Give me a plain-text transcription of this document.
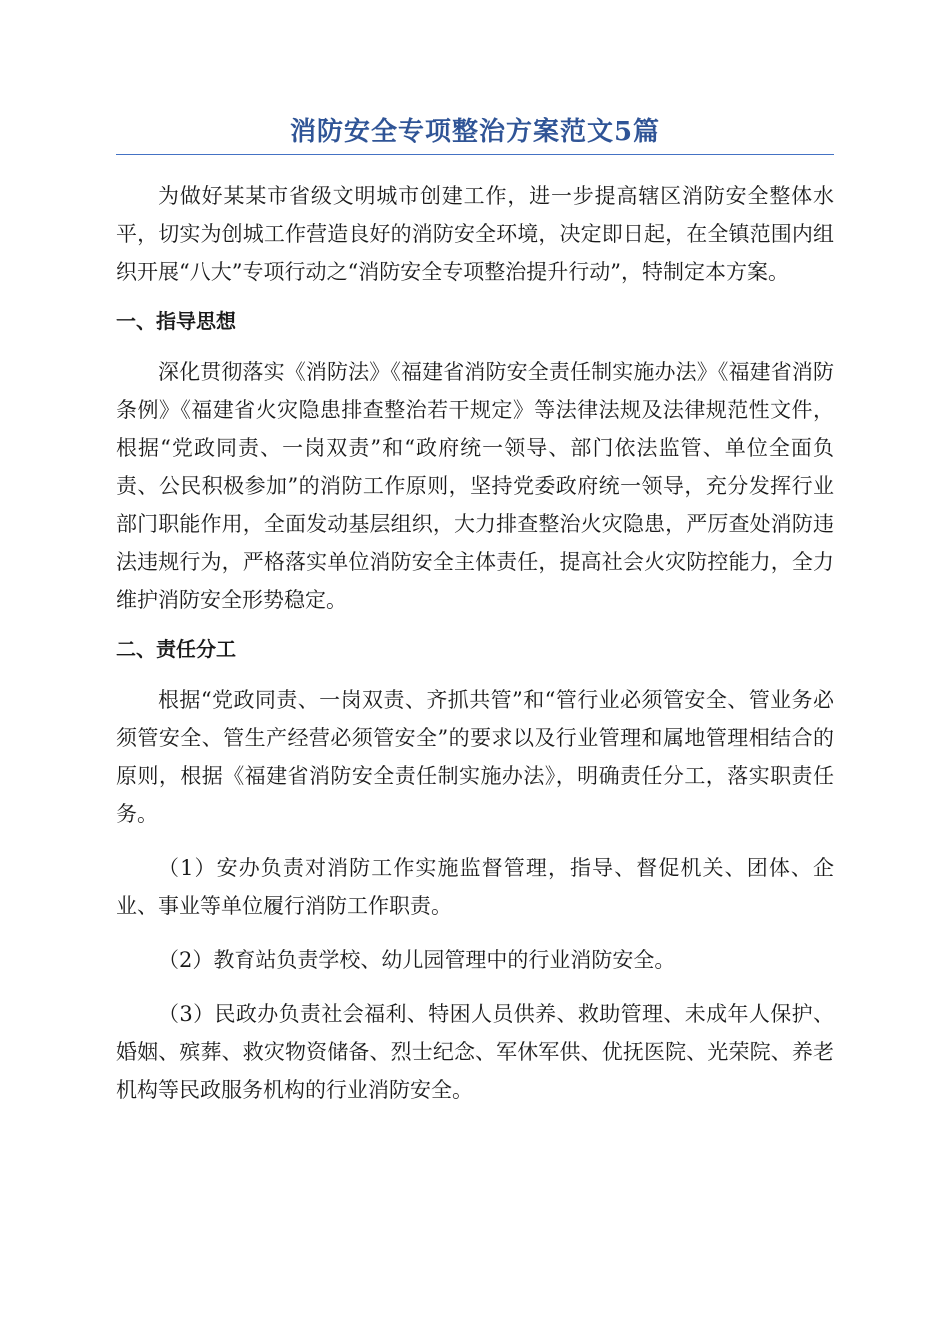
消防安全专项整治方案范文5篇

为做好某某市省级文明城市创建工作，进一步提高辖区消防安全整体水平，切实为创城工作营造良好的消防安全环境，决定即日起，在全镇范围内组织开展“八大”专项行动之“消防安全专项整治提升行动”，特制定本方案。

一、指导思想

深化贯彻落实《消防法》《福建省消防安全责任制实施办法》《福建省消防条例》《福建省火灾隐患排查整治若干规定》等法律法规及法律规范性文件，根据“党政同责、一岗双责”和“政府统一领导、部门依法监管、单位全面负责、公民积极参加”的消防工作原则，坚持党委政府统一领导，充分发挥行业部门职能作用，全面发动基层组织，大力排查整治火灾隐患，严厉查处消防违法违规行为，严格落实单位消防安全主体责任，提高社会火灾防控能力，全力维护消防安全形势稳定。

二、责任分工

根据“党政同责、一岗双责、齐抓共管”和“管行业必须管安全、管业务必须管安全、管生产经营必须管安全”的要求以及行业管理和属地管理相结合的原则，根据《福建省消防安全责任制实施办法》，明确责任分工，落实职责任务。

（1）安办负责对消防工作实施监督管理，指导、督促机关、团体、企业、事业等单位履行消防工作职责。

（2）教育站负责学校、幼儿园管理中的行业消防安全。

（3）民政办负责社会福利、特困人员供养、救助管理、未成年人保护、婚姻、殡葬、救灾物资储备、烈士纪念、军休军供、优抚医院、光荣院、养老机构等民政服务机构的行业消防安全。
